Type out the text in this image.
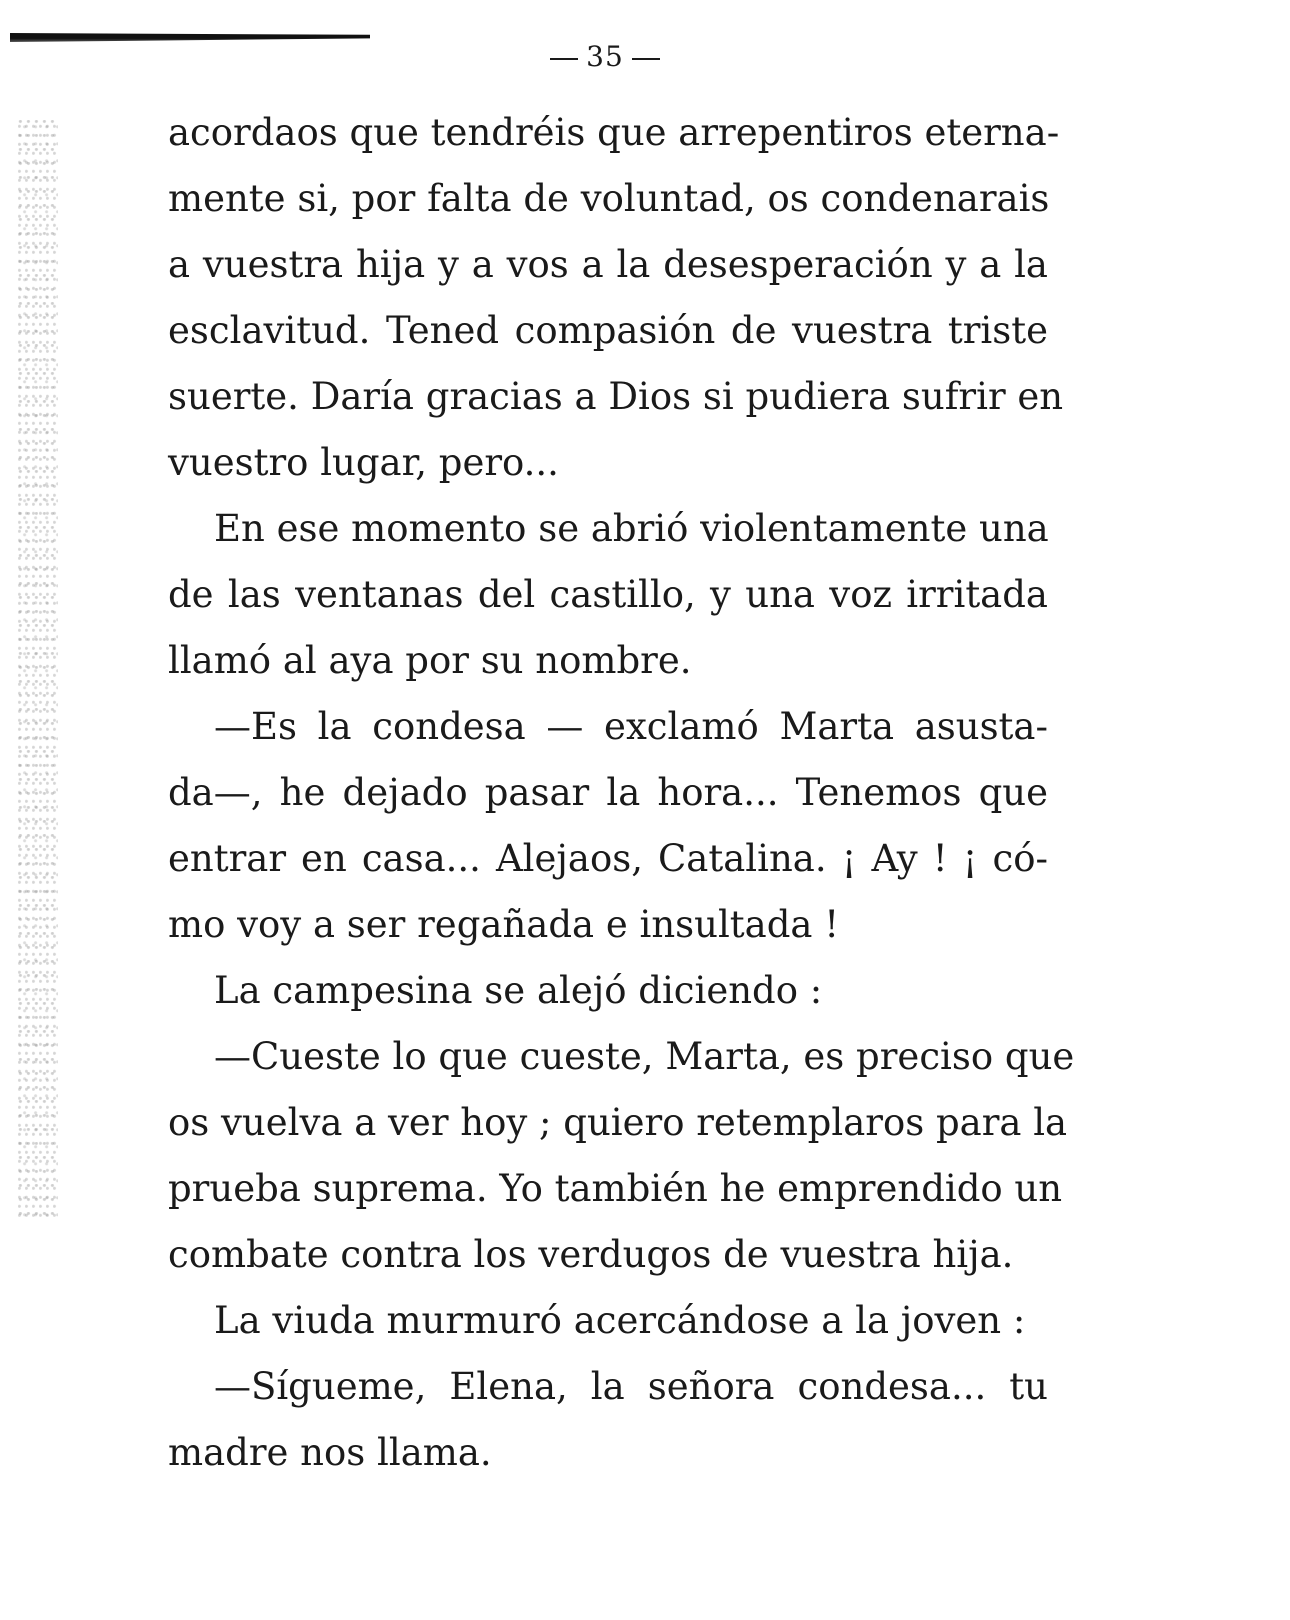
35
acordaos que tendréis que arrepentiros eterna-
mente si, por falta de voluntad, os condenarais
a vuestra hija y a vos a la desesperación y a la
esclavitud. Tened compasión de vuestra triste
suerte. Daría gracias a Dios si pudiera sufrir en
vuestro lugar, pero...
En ese momento se abrió violentamente una
de las ventanas del castillo, y una voz irritada
llamó al aya por su nombre.
—Es la condesa — exclamó Marta asusta-
da—, he dejado pasar la hora... Tenemos que
entrar en casa... Alejaos, Catalina. ¡ Ay ! ¡ có-
mo voy a ser regañada e insultada !
La campesina se alejó diciendo :
—Cueste lo que cueste, Marta, es preciso que
os vuelva a ver hoy ; quiero retemplaros para la
prueba suprema. Yo también he emprendido un
combate contra los verdugos de vuestra hija.
La viuda murmuró acercándose a la joven :
—Sígueme, Elena, la señora condesa... tu
madre nos llama.
